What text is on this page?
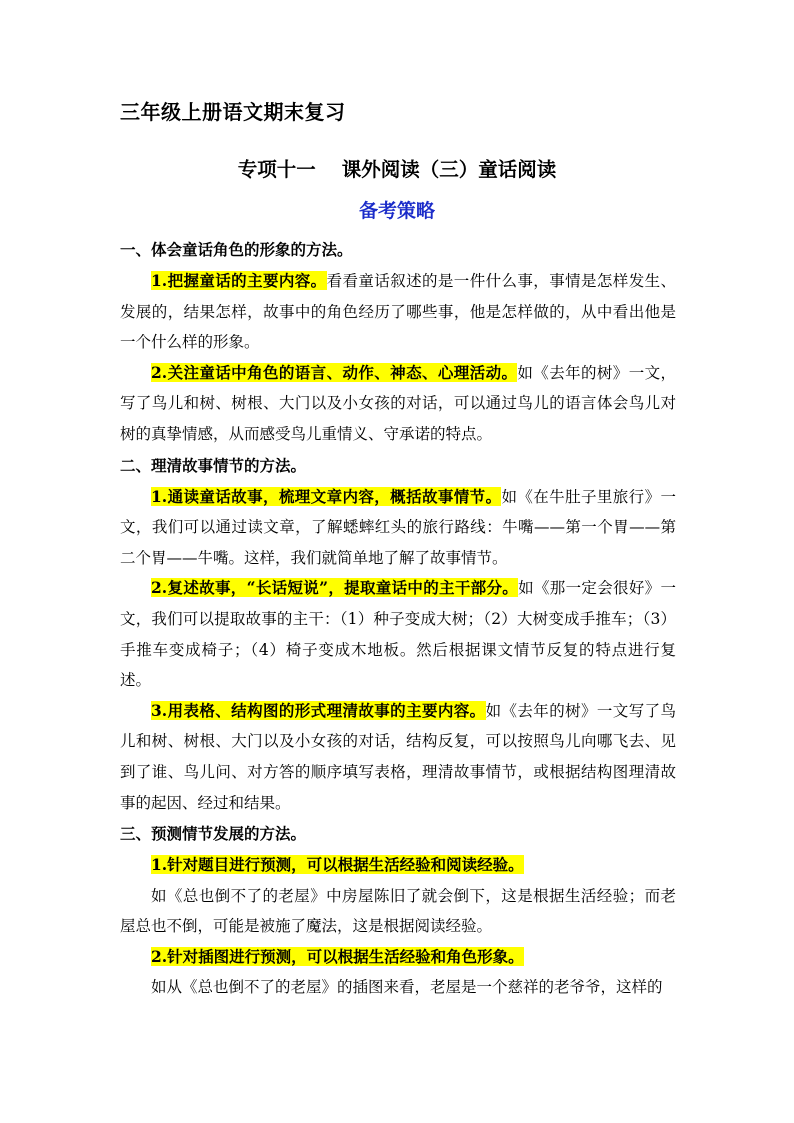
三年级上册语文期末复习
专项十一 课外阅读（三）童话阅读
备考策略
一、体会童话角色的形象的方法。

1.把握童话的主要内容。看看童话叙述的是一件什么事，事情是怎样发生、发展的，结果怎样，故事中的角色经历了哪些事，他是怎样做的，从中看出他是一个什么样的形象。

2.关注童话中角色的语言、动作、神态、心理活动。如《去年的树》一文，写了鸟儿和树、树根、大门以及小女孩的对话，可以通过鸟儿的语言体会鸟儿对树的真挚情感，从而感受鸟儿重情义、守承诺的特点。

二、理清故事情节的方法。

1.通读童话故事，梳理文章内容，概括故事情节。如《在牛肚子里旅行》一文，我们可以通过读文章，了解蟋蟀红头的旅行路线：牛嘴——第一个胃——第二个胃——牛嘴。这样，我们就简单地了解了故事情节。

2.复述故事，“长话短说”，提取童话中的主干部分。如《那一定会很好》一文，我们可以提取故事的主干：（1）种子变成大树；（2）大树变成手推车；（3）手推车变成椅子；（4）椅子变成木地板。然后根据课文情节反复的特点进行复述。

3.用表格、结构图的形式理清故事的主要内容。如《去年的树》一文写了鸟儿和树、树根、大门以及小女孩的对话，结构反复，可以按照鸟儿向哪飞去、见到了谁、鸟儿问、对方答的顺序填写表格，理清故事情节，或根据结构图理清故事的起因、经过和结果。

三、预测情节发展的方法。

1.针对题目进行预测，可以根据生活经验和阅读经验。

如《总也倒不了的老屋》中房屋陈旧了就会倒下，这是根据生活经验；而老屋总也不倒，可能是被施了魔法，这是根据阅读经验。

2.针对插图进行预测，可以根据生活经验和角色形象。

如从《总也倒不了的老屋》的插图来看，老屋是一个慈祥的老爷爷，这样的
